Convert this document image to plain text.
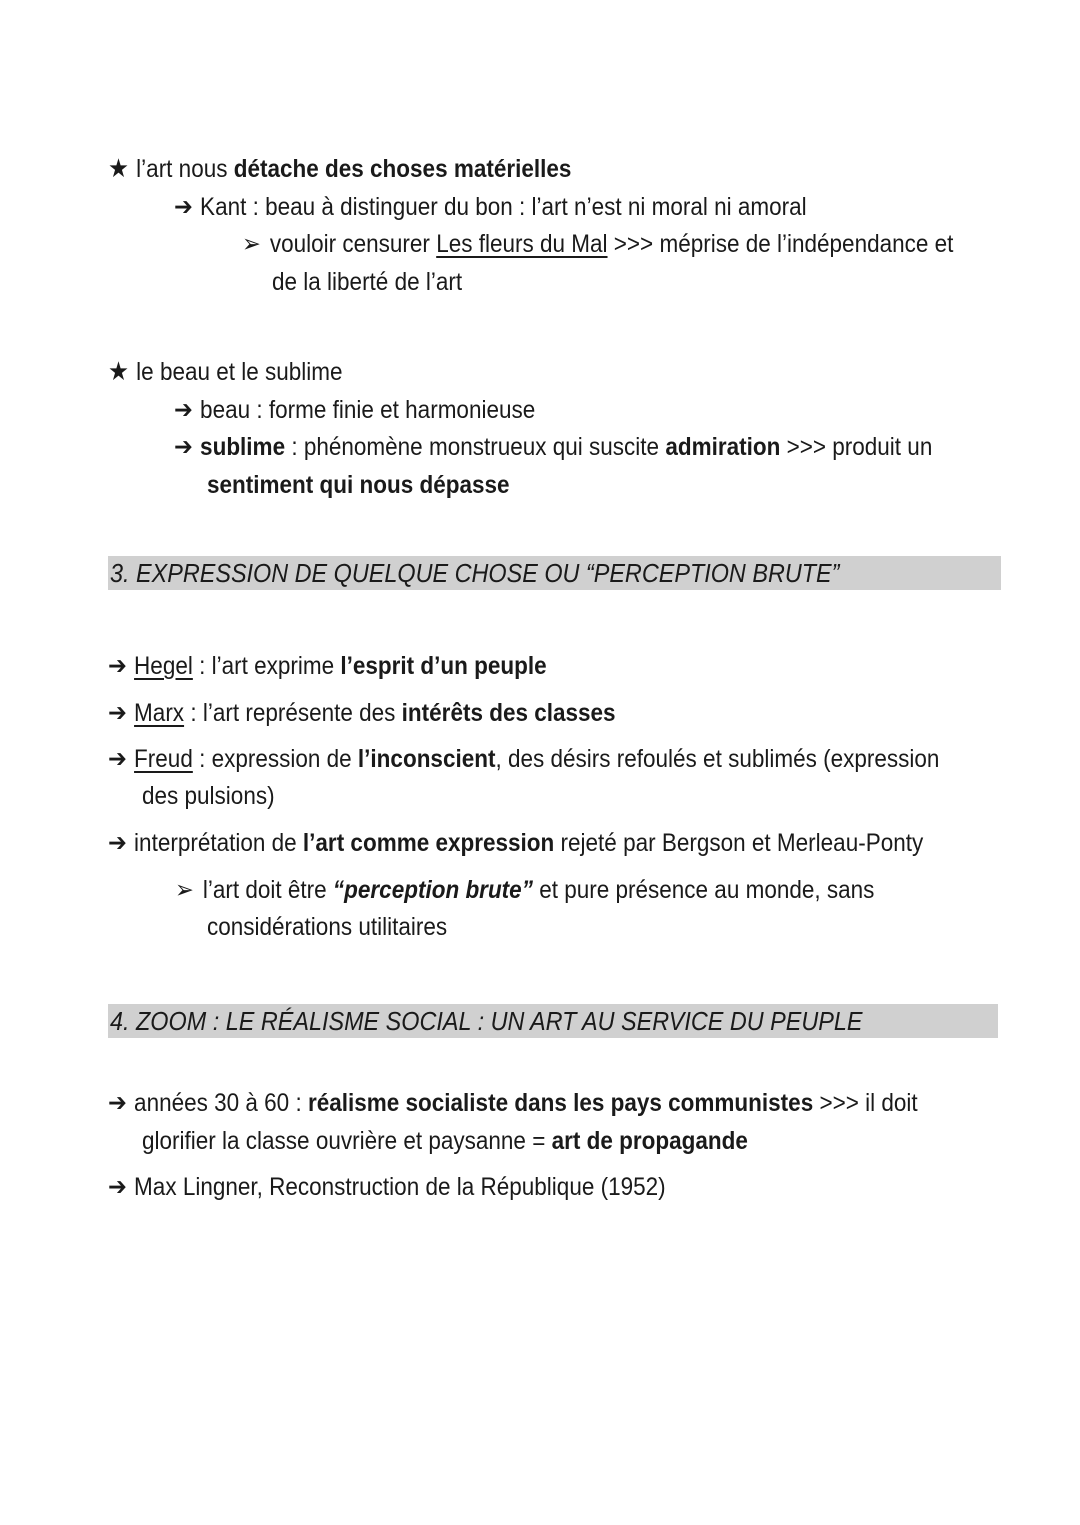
★ l’art nous détache des choses matérielles
➔ Kant : beau à distinguer du bon : l’art n’est ni moral ni amoral
➢ vouloir censurer Les fleurs du Mal >>> méprise de l’indépendance et
de la liberté de l’art
★ le beau et le sublime
➔ beau : forme finie et harmonieuse
➔ sublime : phénomène monstrueux qui suscite admiration >>> produit un
sentiment qui nous dépasse
3. EXPRESSION DE QUELQUE CHOSE OU “PERCEPTION BRUTE”
➔ Hegel : l’art exprime l’esprit d’un peuple
➔ Marx : l’art représente des intérêts des classes
➔ Freud : expression de l’inconscient, des désirs refoulés et sublimés (expression
des pulsions)
➔ interprétation de l’art comme expression rejeté par Bergson et Merleau-Ponty
➢ l’art doit être “perception brute” et pure présence au monde, sans
considérations utilitaires
4. ZOOM : LE RÉALISME SOCIAL : UN ART AU SERVICE DU PEUPLE
➔ années 30 à 60 : réalisme socialiste dans les pays communistes >>> il doit
glorifier la classe ouvrière et paysanne = art de propagande
➔ Max Lingner, Reconstruction de la République (1952)
